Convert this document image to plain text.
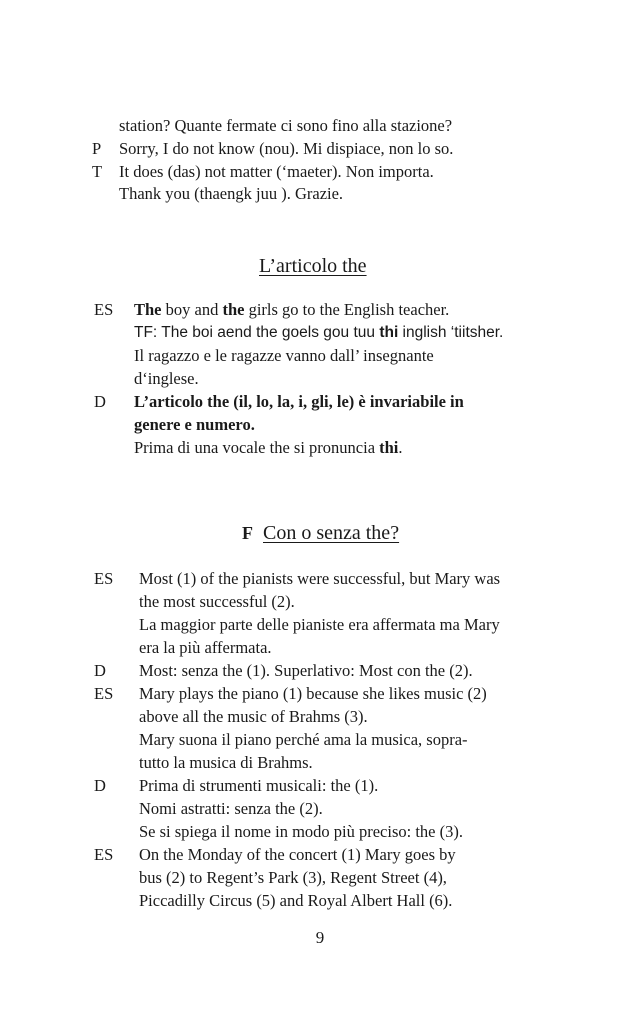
station? Quante fermate ci sono fino alla stazione?
P Sorry, I do not know (nou). Mi dispiace, non lo so.
T It does (das) not matter (‘maeter). Non importa.
Thank you (thaengk juu ). Grazie.
L’articolo the
ES The boy and the girls go to the English teacher.
TF: The boi aend the goels gou tuu thi inglish ‘tiitsher.
Il ragazzo e le ragazze vanno dall’ insegnante
d‘inglese.
D L’articolo the (il, lo, la, i, gli, le) è invariabile in
genere e numero.
Prima di una vocale the si pronuncia thi.
F Con o senza the?
ES Most (1) of the pianists were successful, but Mary was
the most successful (2).
La maggior parte delle pianiste era affermata ma Mary
era la più affermata.
D Most: senza the (1). Superlativo: Most con the (2).
ES Mary plays the piano (1) because she likes music (2)
above all the music of Brahms (3).
Mary suona il piano perché ama la musica, sopra-
tutto la musica di Brahms.
D Prima di strumenti musicali: the (1).
Nomi astratti: senza the (2).
Se si spiega il nome in modo più preciso: the (3).
ES On the Monday of the concert (1) Mary goes by
bus (2) to Regent’s Park (3), Regent Street (4),
Piccadilly Circus (5) and Royal Albert Hall (6).
9
